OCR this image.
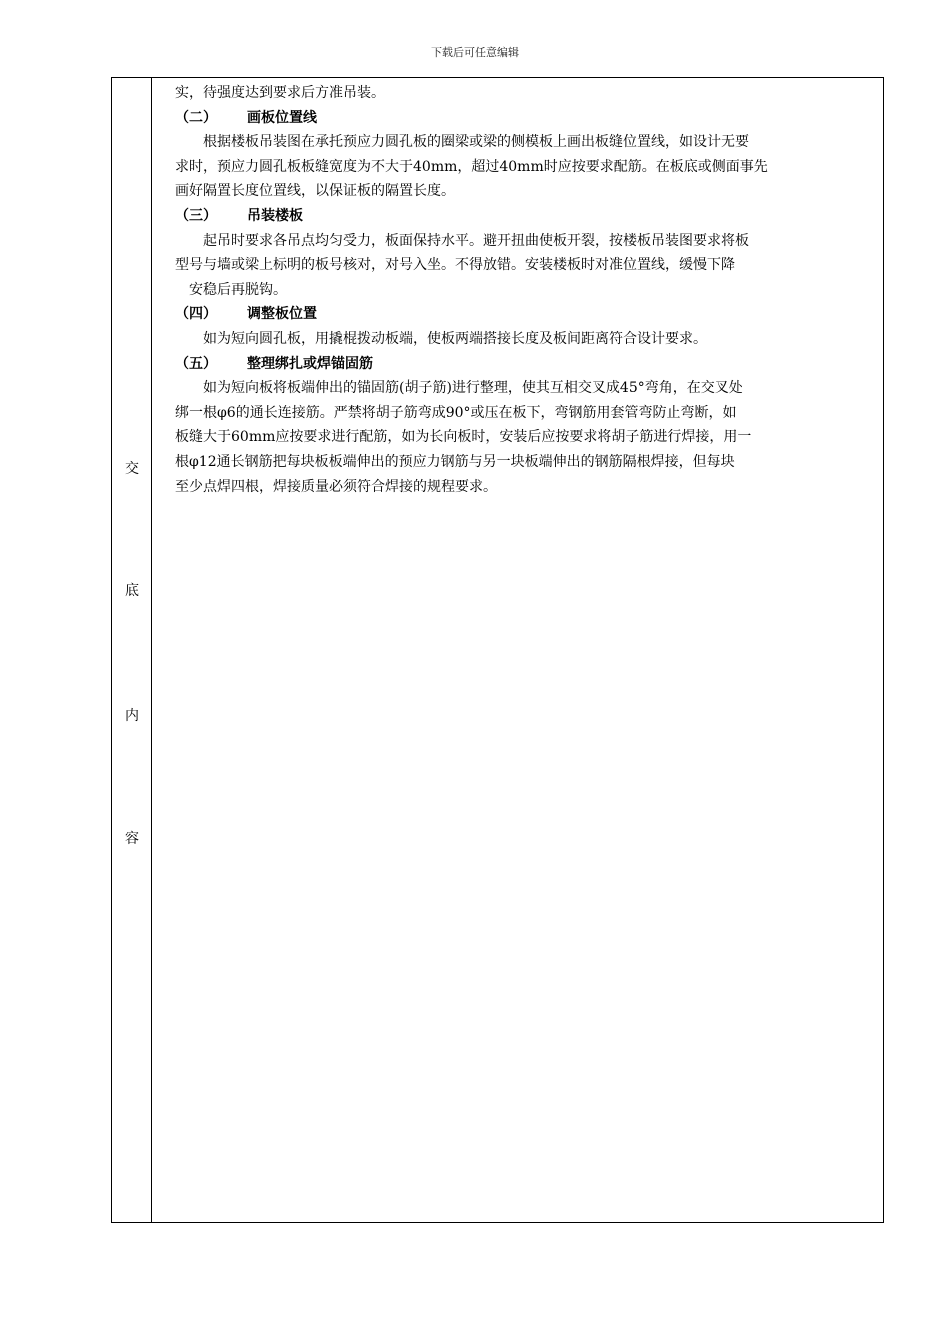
下载后可任意编辑
交
底
内
容

实，待强度达到要求后方准吊装。

（二） 画板位置线

根据楼板吊装图在承托预应力圆孔板的圈梁或梁的侧模板上画出板缝位置线，如设计无要

求时，预应力圆孔板板缝宽度为不大于40mm，超过40mm时应按要求配筋。在板底或侧面事先

画好隔置长度位置线，以保证板的隔置长度。

（三） 吊装楼板

起吊时要求各吊点均匀受力，板面保持水平。避开扭曲使板开裂，按楼板吊装图要求将板

型号与墙或梁上标明的板号核对，对号入坐。不得放错。安装楼板时对准位置线，缓慢下降

安稳后再脱钩。

（四） 调整板位置

如为短向圆孔板，用撬棍拨动板端，使板两端搭接长度及板间距离符合设计要求。

（五） 整理绑扎或焊锚固筋

如为短向板将板端伸出的锚固筋(胡子筋)进行整理，使其互相交叉成45°弯角，在交叉处

绑一根φ6的通长连接筋。严禁将胡子筋弯成90°或压在板下，弯钢筋用套管弯防止弯断，如

板缝大于60mm应按要求进行配筋，如为长向板时，安装后应按要求将胡子筋进行焊接，用一

根φ12通长钢筋把每块板板端伸出的预应力钢筋与另一块板端伸出的钢筋隔根焊接，但每块

至少点焊四根，焊接质量必须符合焊接的规程要求。
